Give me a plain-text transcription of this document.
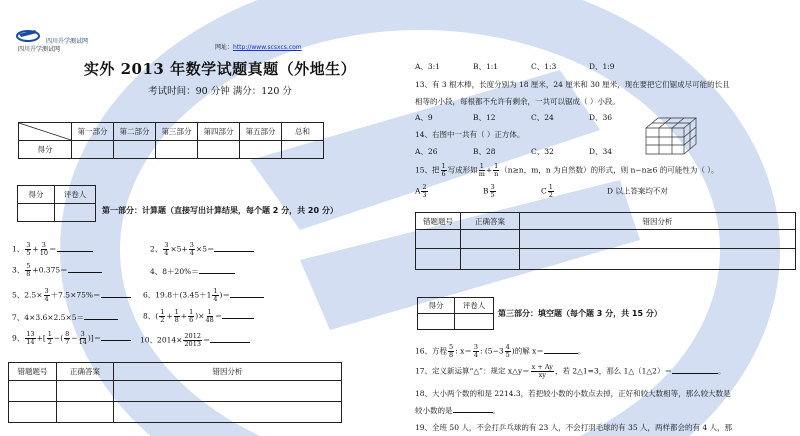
四川升学测试网
四川升学测试网	网址：http://www.scsxcs.com
实外 2013 年数学试题真题（外地生）
考试时间：90 分钟 满分：120 分
	第一部分	第二部分	第三部分	第四部分	第五部分	总和
得分						
得分	评卷人

第一部分：计算题（直接写出计算结果，每个题 2 分，共 20 分）
1、 $\frac{3}{5} + \frac{3}{10}$ ＝	2、 $\frac{3}{4} \times 5+ \frac{3}{4} \times 5=$
3、 $\frac{5}{8} +0.375=$	4、8＋20%＝
5、$2.5\times \frac{3}{4} +7.5\times 75\%=$	6、$19.8+(3.45+1 \frac{1}{4}$ )＝
7、4×3.6×2.5×5＝	8、( $\frac{1}{2} + \frac{1}{8} + \frac{1}{6}$ )× $\frac{1}{48}$ ＝
9、 $\frac{13}{14}$ +[ $\frac{1}{2}$ −( $\frac{8}{7} - \frac{3}{14}$ )]＝	10、$2014\times \frac{2012}{2013}$ ＝
错题题号	正确答案	错因分析

A、3:1	B、1:1	C、1:3	D、1:9
13、有 3 根木棒，长度分别为 18 厘米，24 厘米和 30 厘米，现在要把它们锯成尽可能的长且
相等的小段，每根都不允许有剩余，一共可以锯成（ ）小段。
A、9	B、12	C、24	D、36
14、右图中一共有（ ）正方体。
A、26	B、28	C、32	D、34
15、把 $\frac{1}{6}$ 写成形如 $\frac{1}{m} + \frac{1}{n} (n\ge n$，m，n 为自然数）的形式，则 n−n≥6 的可能性为（ ）。
A $\frac{2}{3}$	B $\frac{3}{5}$	C $\frac{1}{2}$	D 以上答案均不对
错题题号	正确答案	错因分析

得分	评卷人

第三部分：填空题（每个题 3 分，共 15 分）
16、方程 $\frac{5}{8}$ : $x= \frac{3}{4}$ : ($5-3 \frac{4}{5}$ )的解 x＝	。
17、定义新运算“△”：规定 x△y＝ $\frac{x + Ay}{xy}$ ，若 2△1=3，那么 1△（1△2）＝	。
18、大小两个数的和是 2214.3，若把较小数的小数点去掉，正好和较大数相等，那么较大数是
较小数的是	。
19、全班 50 人，不会打乒乓球的有 23 人，不会打羽毛球的有 35 人，两样都会的有 4 人，那
